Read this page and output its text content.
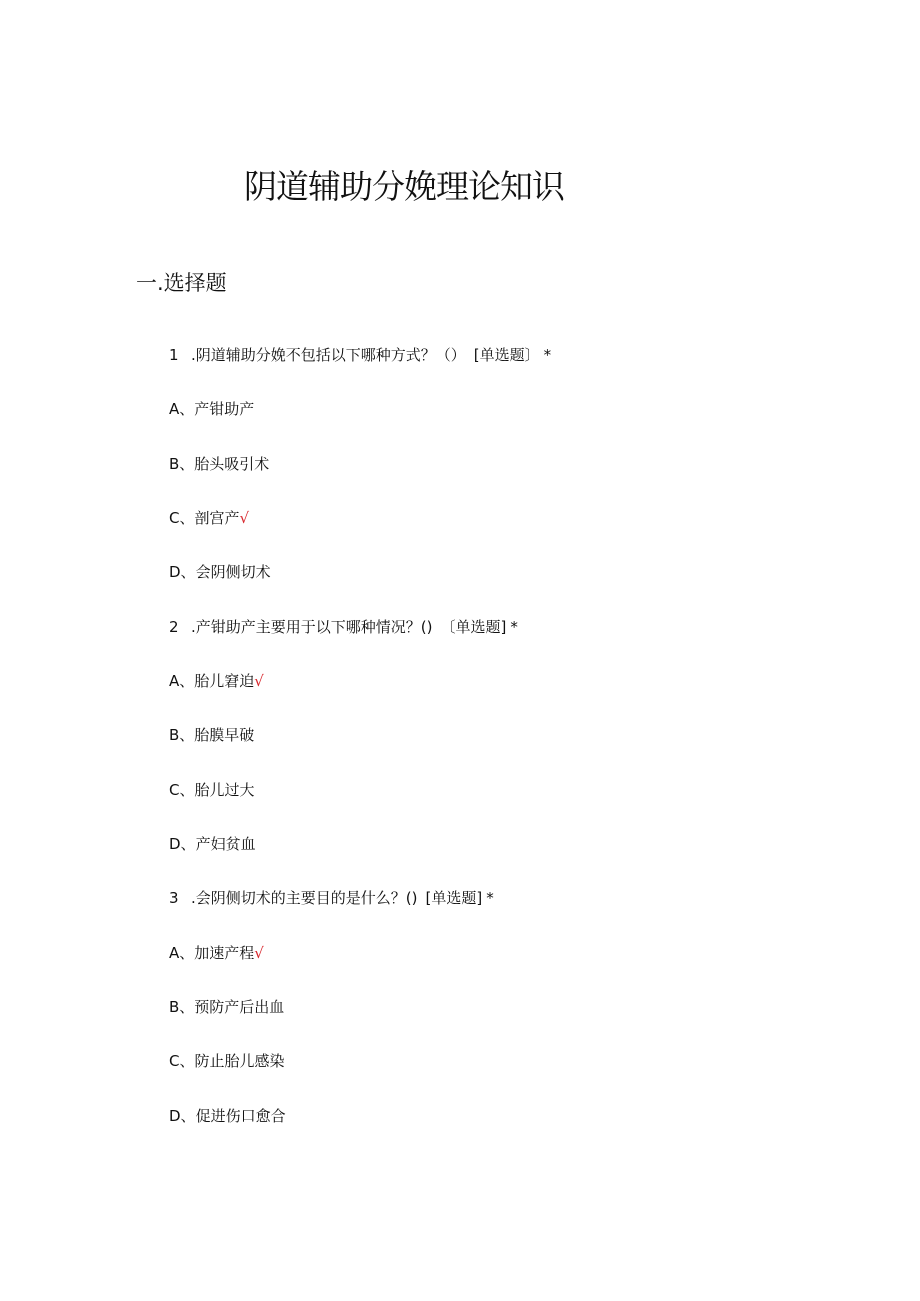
阴道辅助分娩理论知识
一.选择题
1 .阴道辅助分娩不包括以下哪种方式？（） [单选题〕 *
A、产钳助产
B、胎头吸引术
C、剖宫产√
D、会阴侧切术
2 .产钳助产主要用于以下哪种情况？() 〔单选题] *
A、胎儿窘迫√
B、胎膜早破
C、胎儿过大
D、产妇贫血
3 .会阴侧切术的主要目的是什么？() [单选题] *
A、加速产程√
B、预防产后出血
C、防止胎儿感染
D、促进伤口愈合
